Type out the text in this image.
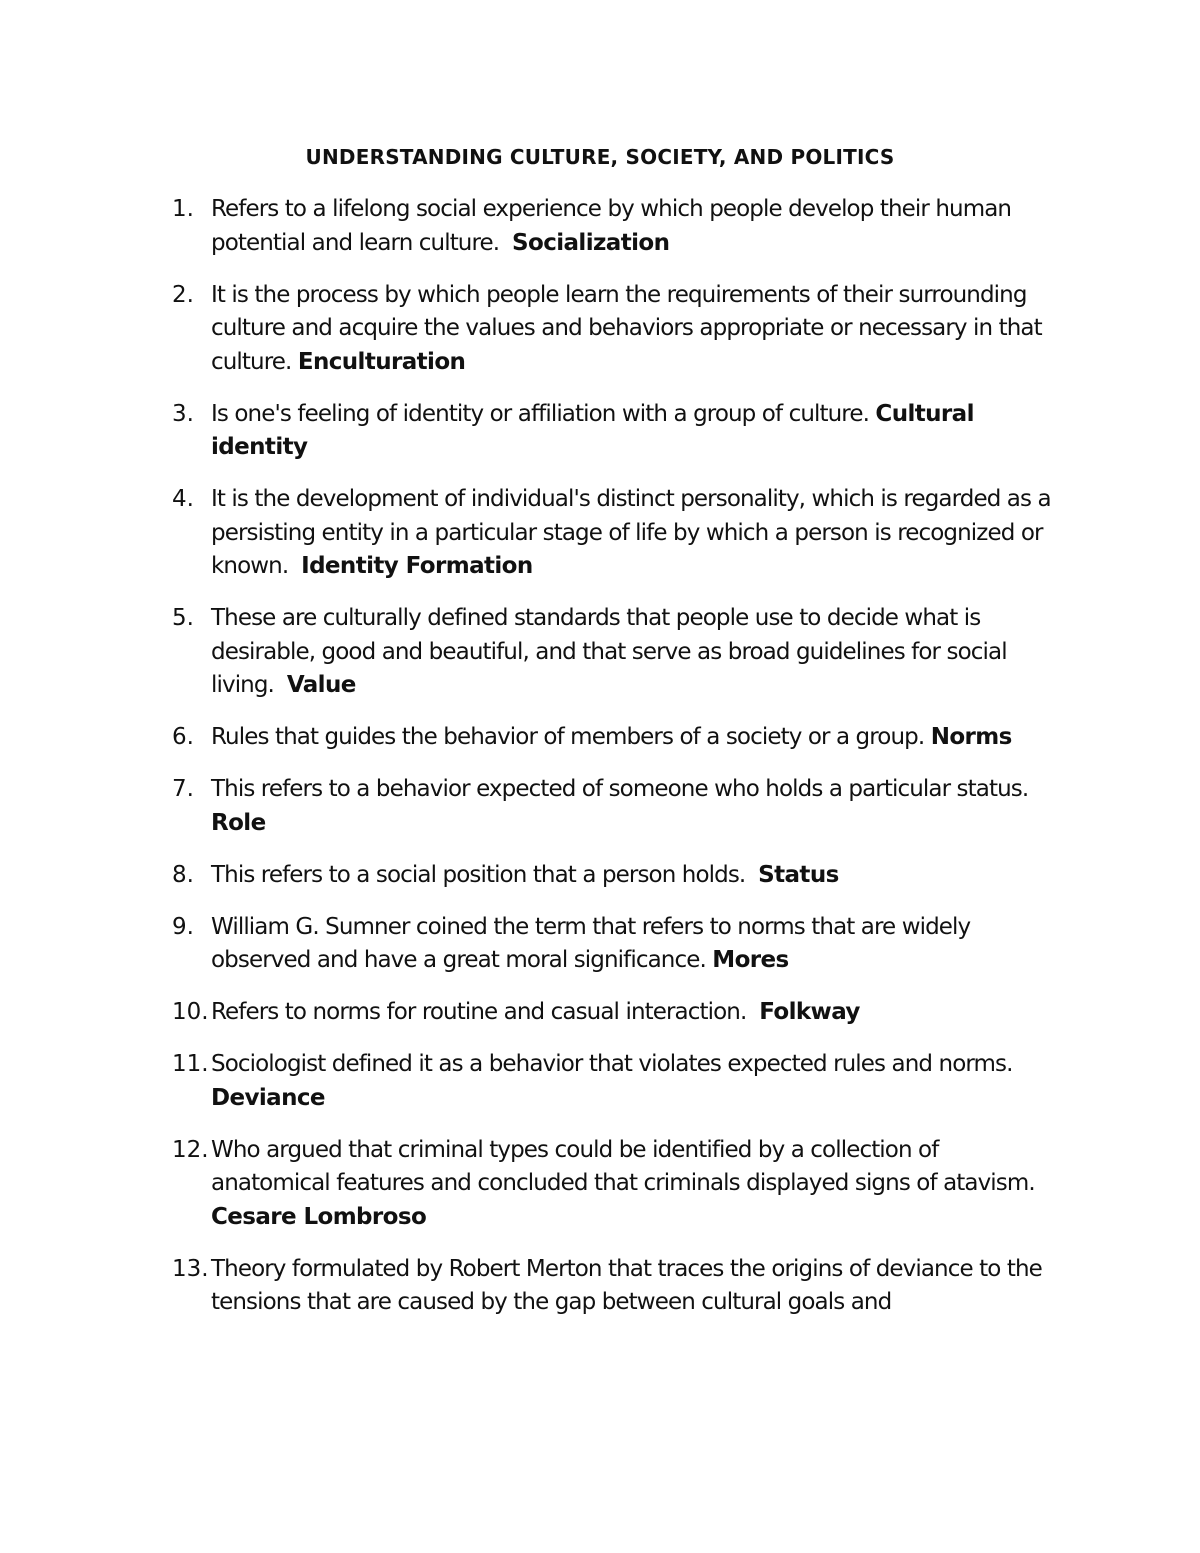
UNDERSTANDING CULTURE, SOCIETY, AND POLITICS
1. Refers to a lifelong social experience by which people develop their human potential and learn culture. Socialization
2. It is the process by which people learn the requirements of their surrounding culture and acquire the values and behaviors appropriate or necessary in that culture. Enculturation
3. Is one's feeling of identity or affiliation with a group of culture. Cultural identity
4. It is the development of individual's distinct personality, which is regarded as a persisting entity in a particular stage of life by which a person is recognized or known. Identity Formation
5. These are culturally defined standards that people use to decide what is desirable, good and beautiful, and that serve as broad guidelines for social living. Value
6. Rules that guides the behavior of members of a society or a group. Norms
7. This refers to a behavior expected of someone who holds a particular status.  Role
8. This refers to a social position that a person holds. Status
9. William G. Sumner coined the term that refers to norms that are widely observed and have a great moral significance. Mores
10. Refers to norms for routine and casual interaction. Folkway
11. Sociologist defined it as a behavior that violates expected rules and norms.  Deviance
12. Who argued that criminal types could be identified by a collection of anatomical features and concluded that criminals displayed signs of atavism.  Cesare Lombroso
13. Theory formulated by Robert Merton that traces the origins of deviance to the tensions that are caused by the gap between cultural goals and
